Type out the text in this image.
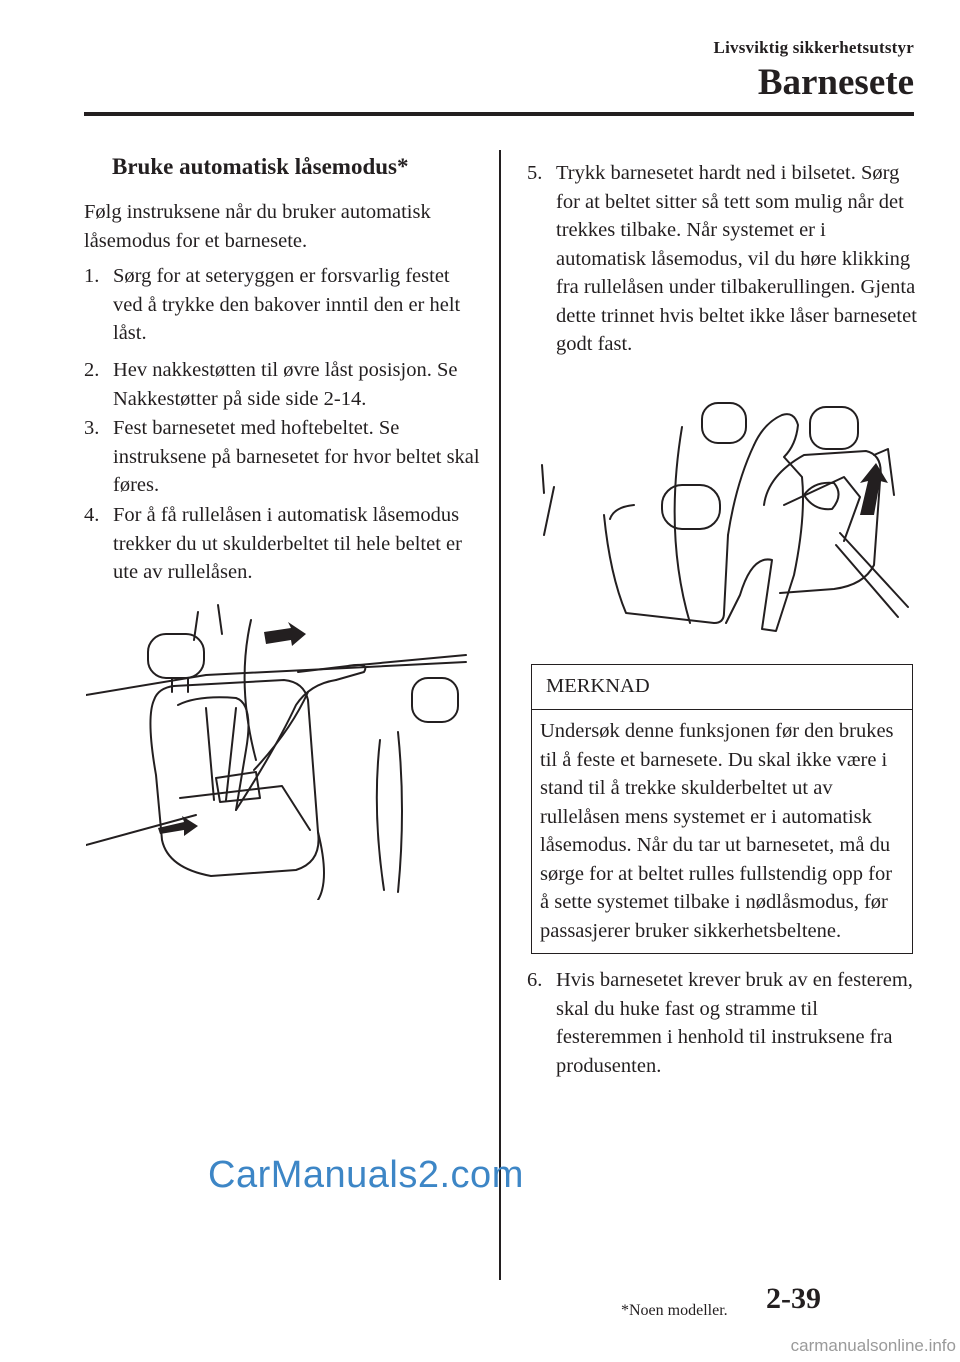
Livsviktig sikkerhetsutstyr
Barnesete
Bruke automatisk låsemodus*
Følg instruksene når du bruker automatisk låsemodus for et barnesete.
1. Sørg for at seteryggen er forsvarlig festet ved å trykke den bakover inntil den er helt låst.
2. Hev nakkestøtten til øvre låst posisjon. Se Nakkestøtter på side side 2-14.
3. Fest barnesetet med hoftebeltet. Se instruksene på barnesetet for hvor beltet skal føres.
4. For å få rullelåsen i automatisk låsemodus trekker du ut skulderbeltet til hele beltet er ute av rullelåsen.
5. Trykk barnesetet hardt ned i bilsetet. Sørg for at beltet sitter så tett som mulig når det trekkes tilbake. Når systemet er i automatisk låsemodus, vil du høre klikking fra rullelåsen under tilbakerullingen. Gjenta dette trinnet hvis beltet ikke låser barnesetet godt fast.
MERKNAD
Undersøk denne funksjonen før den brukes til å feste et barnesete. Du skal ikke være i stand til å trekke skulderbeltet ut av rullelåsen mens systemet er i automatisk låsemodus. Når du tar ut barnesetet, må du sørge for at beltet rulles fullstendig opp for å sette systemet tilbake i nødlåsmodus, før passasjerer bruker sikkerhetsbeltene.
6. Hvis barnesetet krever bruk av en festerem, skal du huke fast og stramme til festeremmen i henhold til instruksene fra produsenten.
CarManuals2.com
*Noen modeller. 2-39
carmanualsonline.info
